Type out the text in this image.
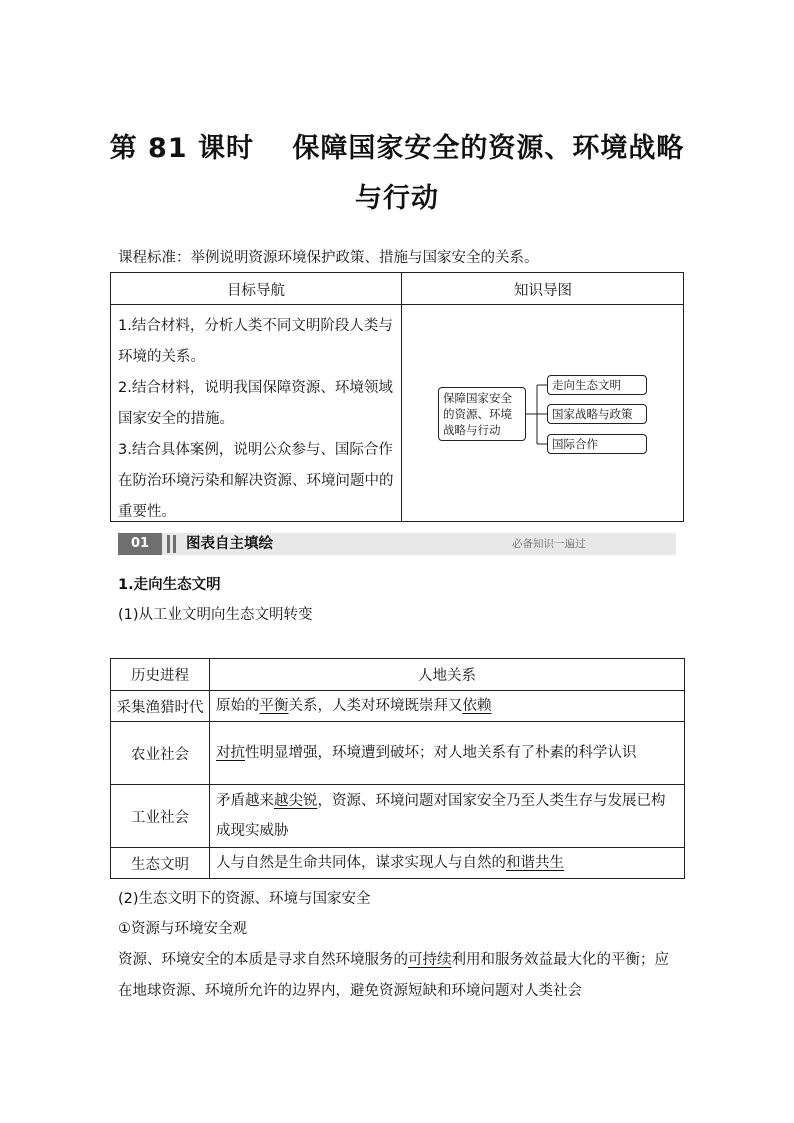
第 81 课时　 保障国家安全的资源、环境战略
与行动
课程标准：举例说明资源环境保护政策、措施与国家安全的关系。
目标导航	知识导图

1.结合材料，分析人类不同文明阶段人类与环境的关系。

2.结合材料，说明我国保障资源、环境领域国家安全的措施。

3.结合具体案例，说明公众参与、国际合作在防治环境污染和解决资源、环境问题中的重要性。

保障国家安全的资源、环境战略与行动
走向生态文明
国家战略与政策
国际合作
01	图表自主填绘	必备知识一遍过
1.走向生态文明
(1)从工业文明向生态文明转变
历史进程	人地关系
采集渔猎时代	原始的平衡关系，人类对环境既崇拜又依赖
农业社会	对抗性明显增强，环境遭到破坏；对人地关系有了朴素的科学认识
工业社会	矛盾越来越尖锐，资源、环境问题对国家安全乃至人类生存与发展已构成现实威胁
生态文明	人与自然是生命共同体，谋求实现人与自然的和谐共生
(2)生态文明下的资源、环境与国家安全
①资源与环境安全观
资源、环境安全的本质是寻求自然环境服务的可持续利用和服务效益最大化的平衡；应在地球资源、环境所允许的边界内，避免资源短缺和环境问题对人类社会
